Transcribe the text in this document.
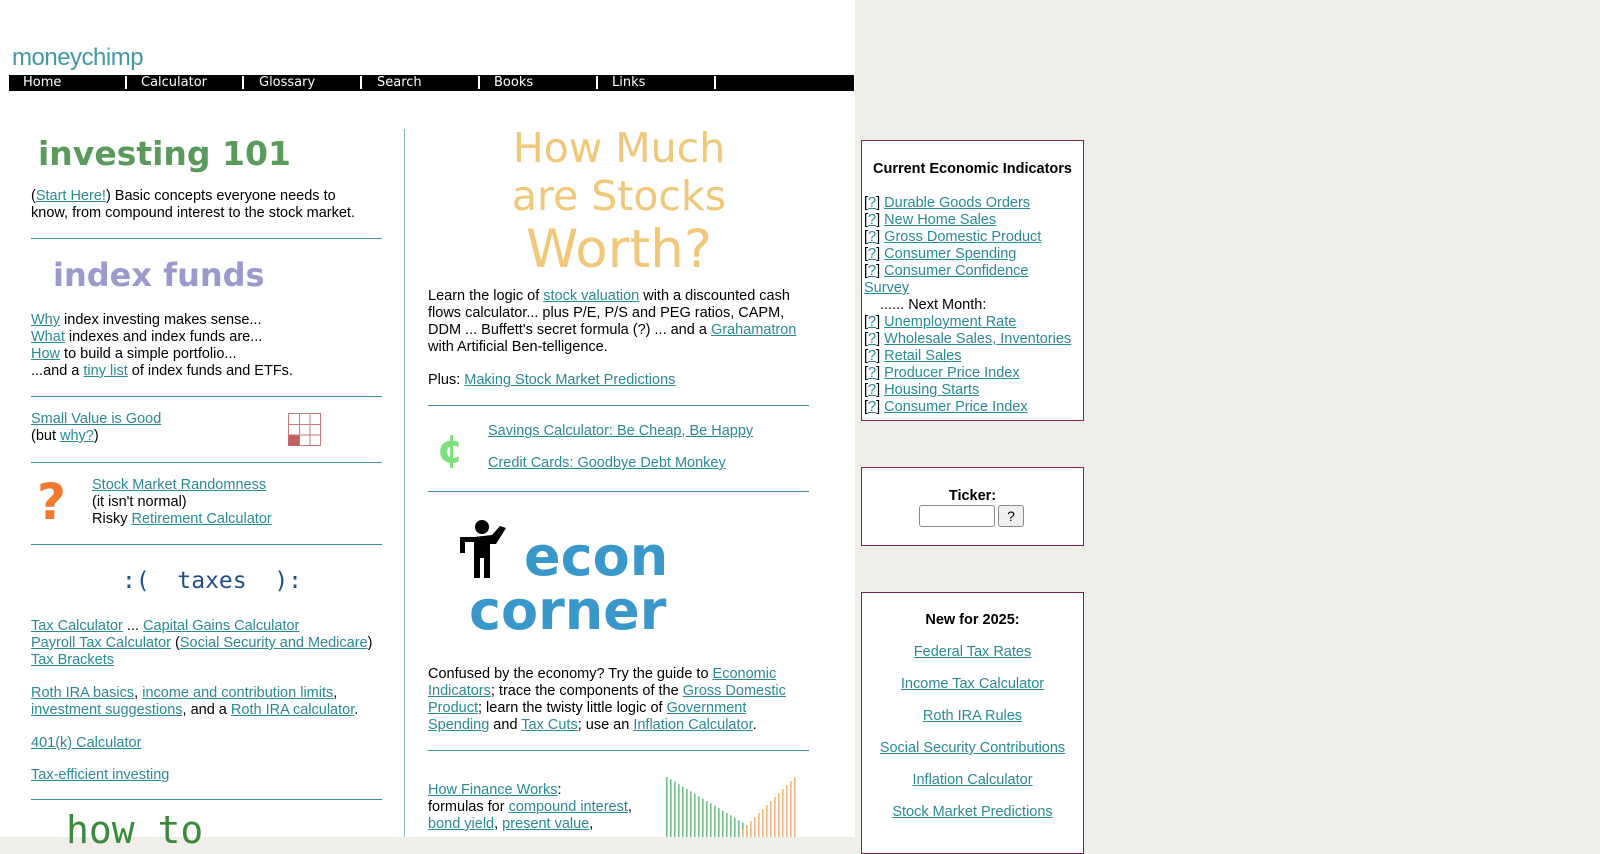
moneychimp
Home	Calculator	Glossary	Search	Books	Links
investing 101
(Start Here!) Basic concepts everyone needs to
know, from compound interest to the stock market.
index funds
Why index investing makes sense...
What indexes and index funds are...
How to build a simple portfolio...
...and a tiny list of index funds and ETFs.
Small Value is Good
(but why?)
? Stock Market Randomness
(it isn't normal)
Risky Retirement Calculator
:(  taxes  ):
Tax Calculator ... Capital Gains Calculator
Payroll Tax Calculator (Social Security and Medicare)
Tax Brackets
Roth IRA basics, income and contribution limits,
investment suggestions, and a Roth IRA calculator.
401(k) Calculator
Tax-efficient investing
how to
How Much
are Stocks
Worth?
Learn the logic of stock valuation with a discounted cash
flows calculator... plus P/E, P/S and PEG ratios, CAPM,
DDM ... Buffett's secret formula (?) ... and a Grahamatron
with Artificial Ben-telligence.
Plus: Making Stock Market Predictions
¢ Savings Calculator: Be Cheap, Be Happy
Credit Cards: Goodbye Debt Monkey
econ
corner
Confused by the economy? Try the guide to Economic
Indicators; trace the components of the Gross Domestic
Product; learn the twisty little logic of Government
Spending and Tax Cuts; use an Inflation Calculator.
How Finance Works:
formulas for compound interest,
bond yield, present value,
Current Economic Indicators
[?] Durable Goods Orders
[?] New Home Sales
[?] Gross Domestic Product
[?] Consumer Spending
[?] Consumer Confidence
Survey
...... Next Month:
[?] Unemployment Rate
[?] Wholesale Sales, Inventories
[?] Retail Sales
[?] Producer Price Index
[?] Housing Starts
[?] Consumer Price Index
Ticker:
?
New for 2025:
Federal Tax Rates
Income Tax Calculator
Roth IRA Rules
Social Security Contributions
Inflation Calculator
Stock Market Predictions
